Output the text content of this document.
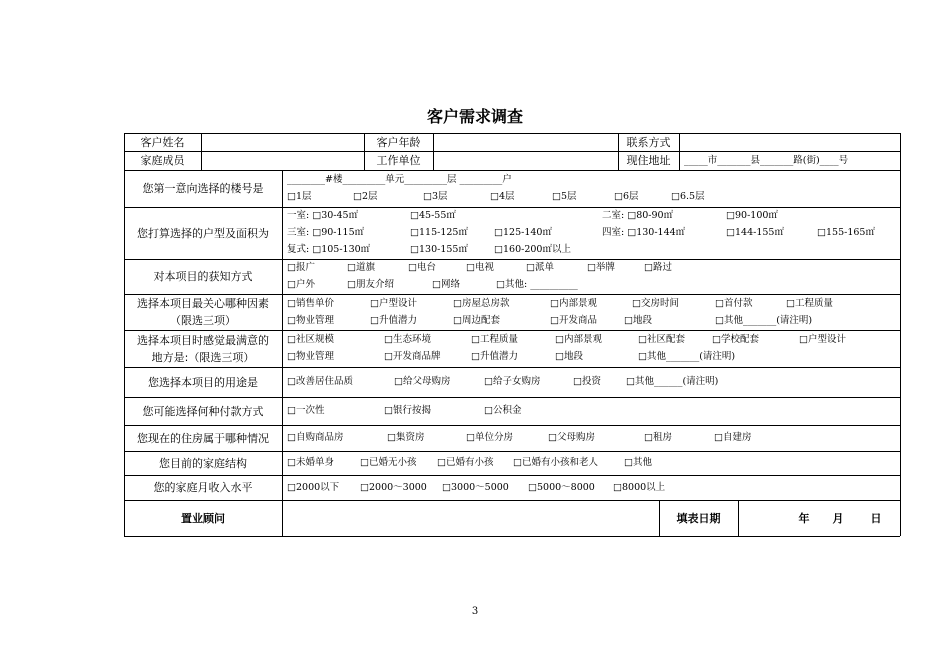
客户需求调查
客户姓名	客户年龄	联系方式
家庭成员	工作单位	现住地址	_____市_______县_______路(街)____号
您第一意向选择的楼号是
________#楼_________单元_________层 _________户
□1层	□2层	□3层	□4层	□5层	□6层	□6.5层
您打算选择的户型及面积为
一室: □30-45㎡	□45-55㎡	二室: □80-90㎡	□90-100㎡
三室: □90-115㎡	□115-125㎡	□125-140㎡	四室: □130-144㎡	□144-155㎡	□155-165㎡
复式: □105-130㎡	□130-155㎡	□160-200㎡以上
对本项目的获知方式
□报广	□道旗	□电台	□电视	□派单	□举牌	□路过
□户外	□朋友介绍	□网络	□其他: __________
选择本项目最关心哪种因素
（限选三项）
□销售单价	□户型设计	□房屋总房款	□内部景观	□交房时间	□首付款	□工程质量
□物业管理	□升值潜力	□周边配套	□开发商品	□地段	□其他_______(请注明)
选择本项目时感觉最满意的
地方是:（限选三项）
□社区规模	□生态环境	□工程质量	□内部景观	□社区配套	□学校配套	□户型设计
□物业管理	□开发商品牌	□升值潜力	□地段	□其他_______(请注明)
您选择本项目的用途是	□改善居住品质	□给父母购房	□给子女购房	□投资	□其他______(请注明)
您可能选择何种付款方式	□一次性	□银行按揭	□公积金
您现在的住房属于哪种情况	□自购商品房	□集资房	□单位分房	□父母购房	□租房	□自建房
您目前的家庭结构	□未婚单身	□已婚无小孩 □已婚有小孩 □已婚有小孩和老人	□其他
您的家庭月收入水平	□2000以下 □2000～3000 □3000～5000 □5000～8000 □8000以上
置业顾问	填表日期	年	月	日
3
